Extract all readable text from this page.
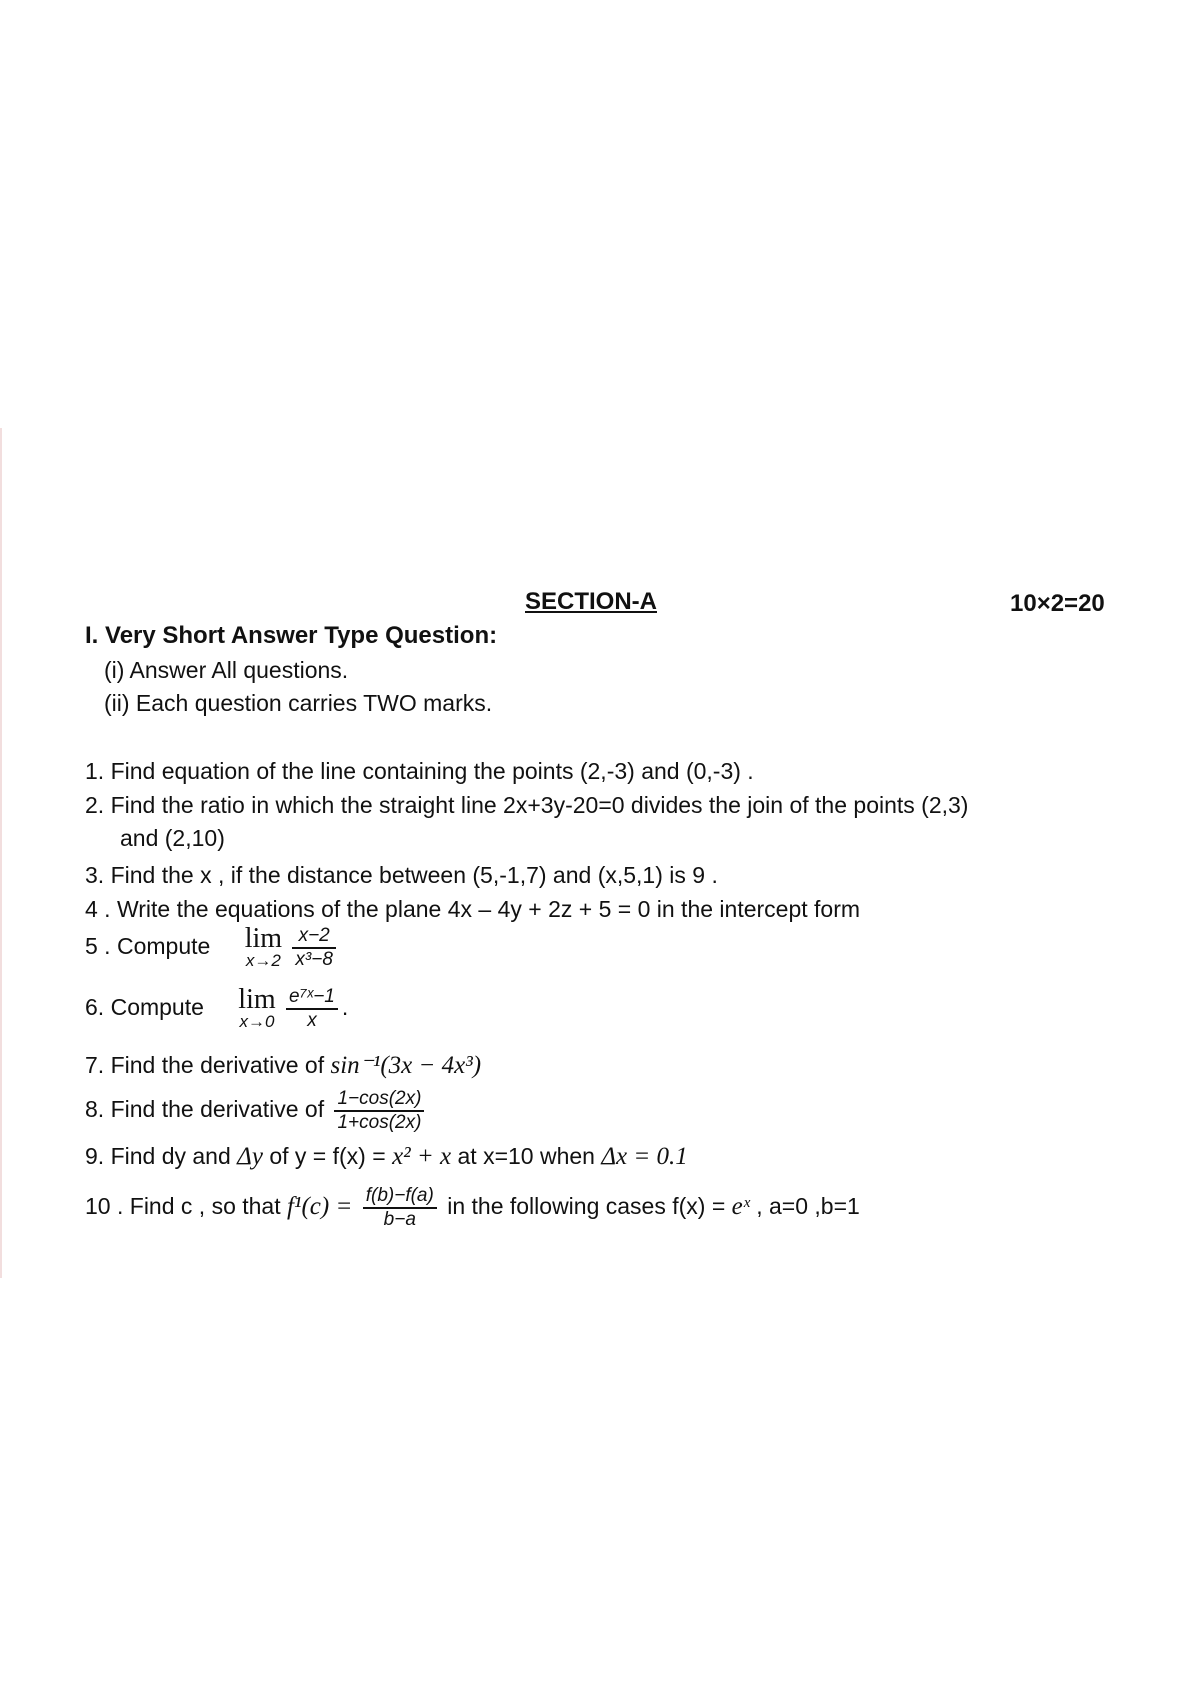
SECTION-A	10×2=20
I. Very Short Answer Type Question:
(i) Answer All questions.
(ii) Each question carries TWO marks.
1. Find equation of the line containing the points (2,-3) and (0,-3) .
2. Find the ratio in which the straight line 2x+3y-20=0 divides the join of the points (2,3)
and (2,10)
3. Find the x , if the distance between (5,-1,7) and (x,5,1) is 9 .
4 . Write the equations of the plane 4x – 4y + 2z + 5 = 0 in the intercept form
5 . Compute lim
x→2
$\frac{x-2}{\text{x³−8}}$
6. Compute lim
x→0
$\frac{\text{e⁷ˣ−1}}{x}$ .
7. Find the derivative of sin⁻¹(3x − 4x³)
8. Find the derivative of $\frac{1-\cos(2x)}{1+\cos(2x)}$
9. Find dy and Δy of y = f(x) = x² + x at x=10 when Δx = 0.1
10 . Find c , so that $f^1(c) = \frac{f(b)-f(a)}{b-a}$ in the following cases f(x) = eˣ , a=0 ,b=1
